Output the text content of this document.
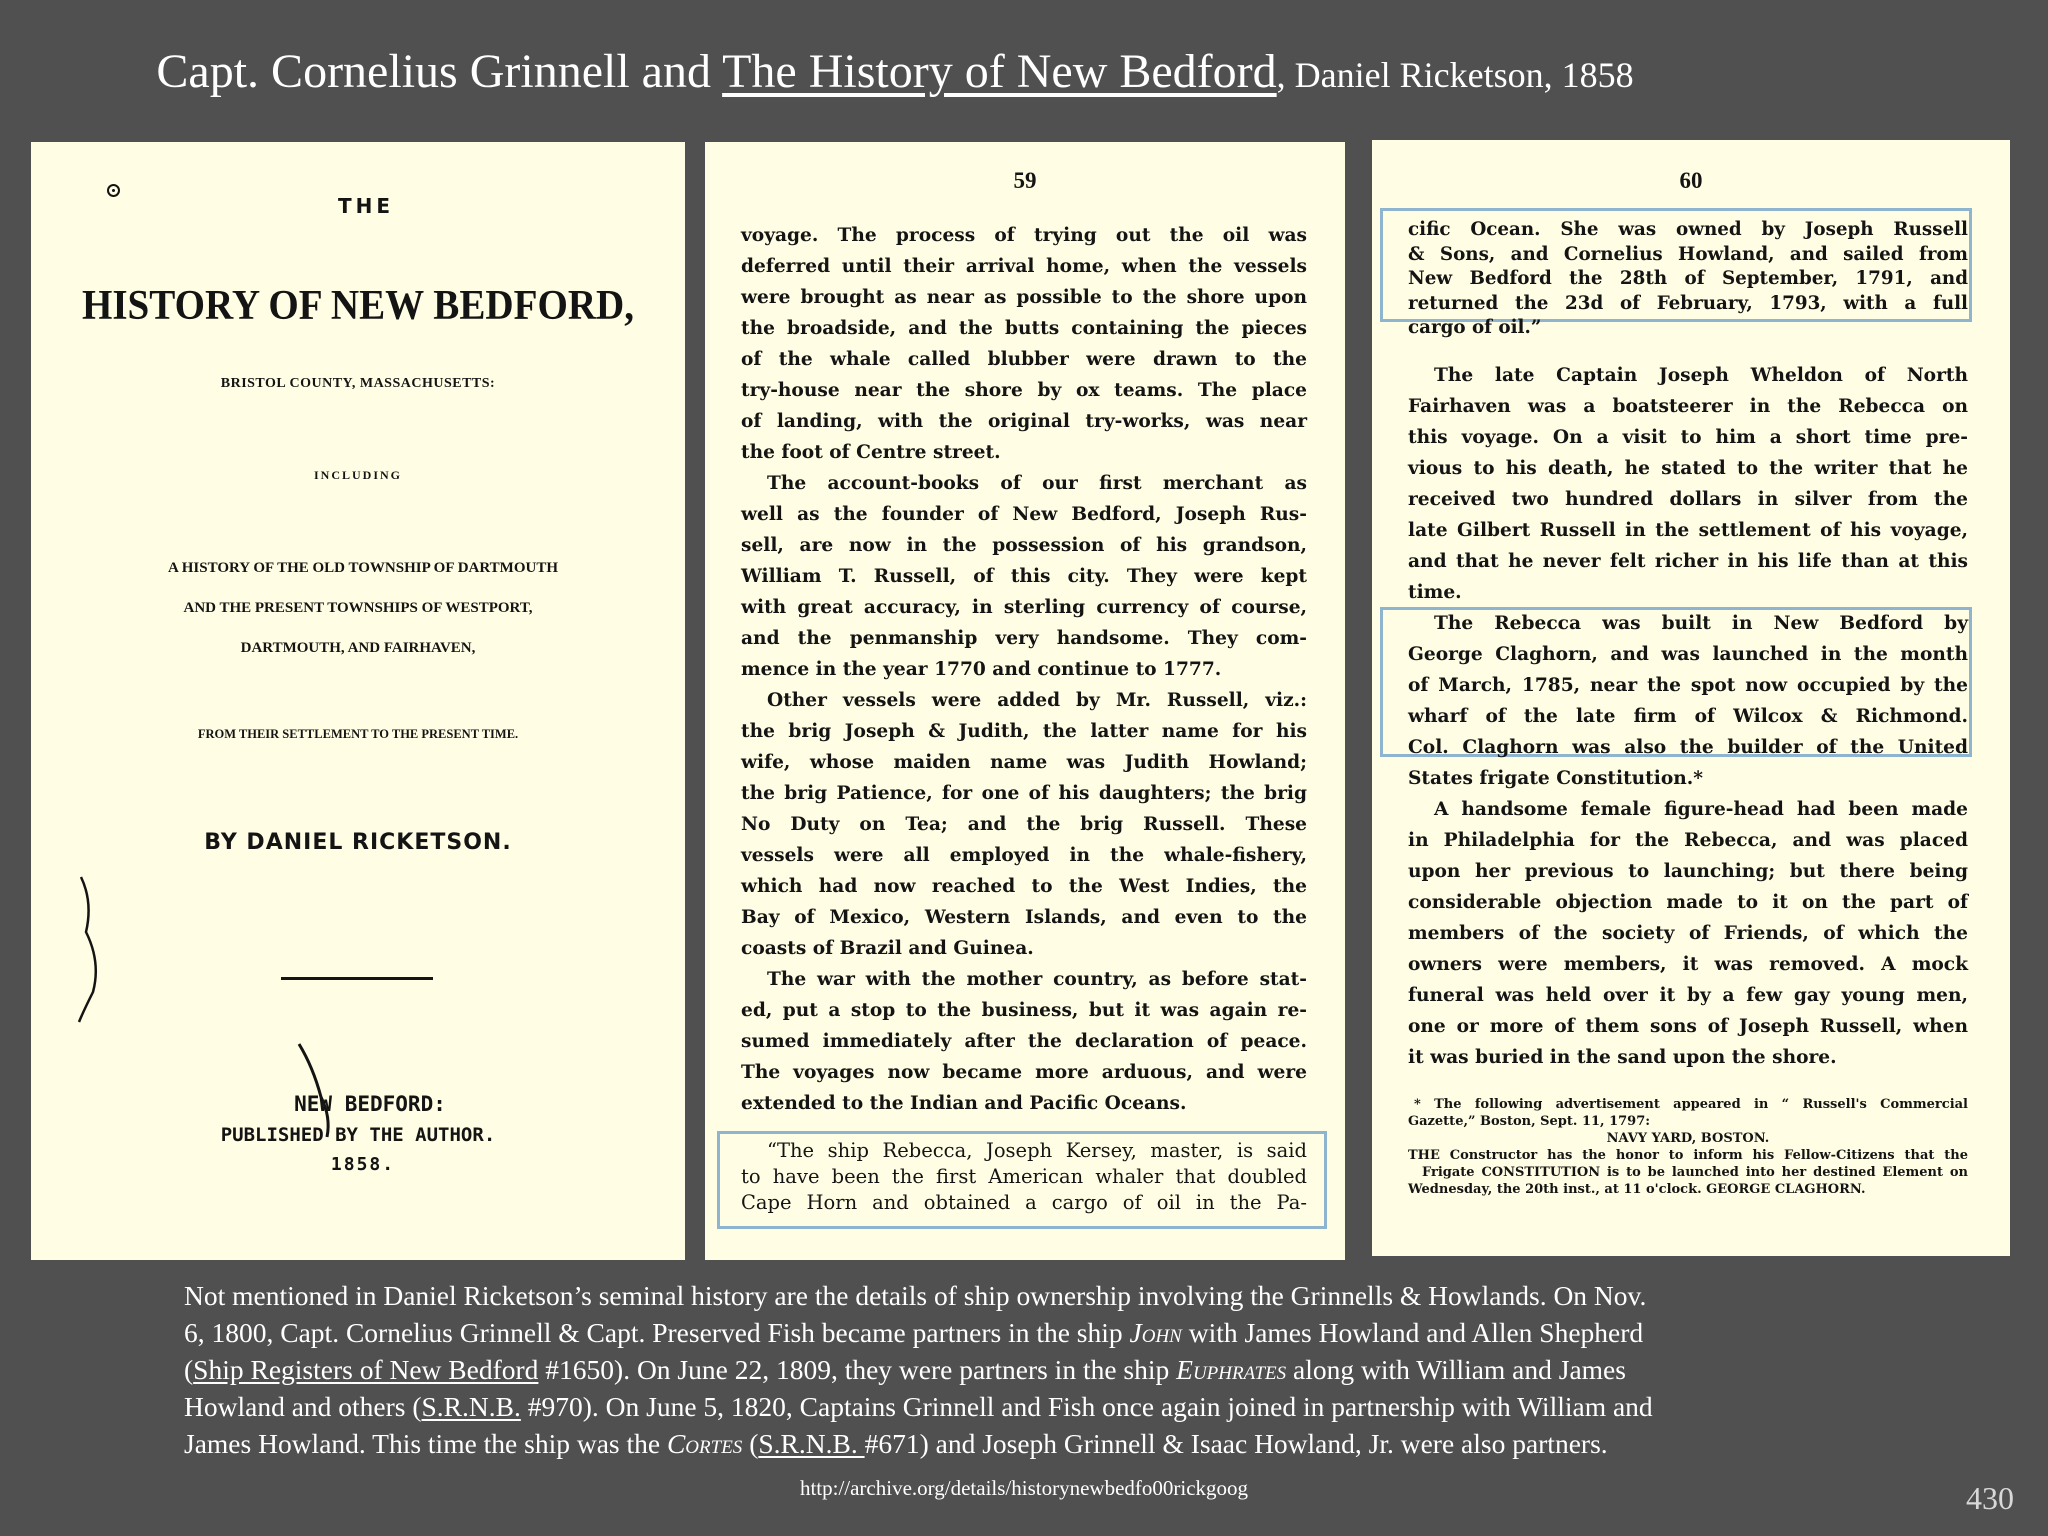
Capt. Cornelius Grinnell and The History of New Bedford, Daniel Ricketson, 1858
THE
HISTORY OF NEW BEDFORD,
BRISTOL COUNTY, MASSACHUSETTS:
INCLUDING
A HISTORY OF THE OLD TOWNSHIP OF DARTMOUTH
AND THE PRESENT TOWNSHIPS OF WESTPORT,
DARTMOUTH, AND FAIRHAVEN,
FROM THEIR SETTLEMENT TO THE PRESENT TIME.
BY DANIEL RICKETSON.
NEW BEDFORD:
PUBLISHED BY THE AUTHOR.
1858.
59
voyage. The process of trying out the oil was
deferred until their arrival home, when the vessels
were brought as near as possible to the shore upon
the broadside, and the butts containing the pieces
of the whale called blubber were drawn to the
try-house near the shore by ox teams. The place
of landing, with the original try-works, was near
the foot of Centre street.
The account-books of our first merchant as
well as the founder of New Bedford, Joseph Rus-
sell, are now in the possession of his grandson,
William T. Russell, of this city. They were kept
with great accuracy, in sterling currency of course,
and the penmanship very handsome. They com-
mence in the year 1770 and continue to 1777.
Other vessels were added by Mr. Russell, viz.:
the brig Joseph & Judith, the latter name for his
wife, whose maiden name was Judith Howland;
the brig Patience, for one of his daughters; the brig
No Duty on Tea; and the brig Russell. These
vessels were all employed in the whale-fishery,
which had now reached to the West Indies, the
Bay of Mexico, Western Islands, and even to the
coasts of Brazil and Guinea.
The war with the mother country, as before stat-
ed, put a stop to the business, but it was again re-
sumed immediately after the declaration of peace.
The voyages now became more arduous, and were
extended to the Indian and Pacific Oceans.
“The ship Rebecca, Joseph Kersey, master, is said
to have been the first American whaler that doubled
Cape Horn and obtained a cargo of oil in the Pa-
60
cific Ocean. She was owned by Joseph Russell
& Sons, and Cornelius Howland, and sailed from
New Bedford the 28th of September, 1791, and
returned the 23d of February, 1793, with a full
cargo of oil.”
The late Captain Joseph Wheldon of North
Fairhaven was a boatsteerer in the Rebecca on
this voyage. On a visit to him a short time pre-
vious to his death, he stated to the writer that he
received two hundred dollars in silver from the
late Gilbert Russell in the settlement of his voyage,
and that he never felt richer in his life than at this
time.
The Rebecca was built in New Bedford by
George Claghorn, and was launched in the month
of March, 1785, near the spot now occupied by the
wharf of the late firm of Wilcox & Richmond.
Col. Claghorn was also the builder of the United
States frigate Constitution.*
A handsome female figure-head had been made
in Philadelphia for the Rebecca, and was placed
upon her previous to launching; but there being
considerable objection made to it on the part of
members of the society of Friends, of which the
owners were members, it was removed. A mock
funeral was held over it by a few gay young men,
one or more of them sons of Joseph Russell, when
it was buried in the sand upon the shore.
* The following advertisement appeared in “ Russell's Commercial
Gazette,” Boston, Sept. 11, 1797:
NAVY YARD, BOSTON.
THE Constructor has the honor to inform his Fellow-Citizens that the
Frigate CONSTITUTION is to be launched into her destined Element on
Wednesday, the 20th inst., at 11 o'clock. GEORGE CLAGHORN.
Not mentioned in Daniel Ricketson’s seminal history are the details of ship ownership involving the Grinnells & Howlands. On Nov.
6, 1800, Capt. Cornelius Grinnell & Capt. Preserved Fish became partners in the ship John with James Howland and Allen Shepherd
(Ship Registers of New Bedford #1650). On June 22, 1809, they were partners in the ship Euphrates along with William and James
Howland and others (S.R.N.B. #970). On June 5, 1820, Captains Grinnell and Fish once again joined in partnership with William and
James Howland. This time the ship was the Cortes (S.R.N.B. #671) and Joseph Grinnell & Isaac Howland, Jr. were also partners.
http://archive.org/details/historynewbedfo00rickgoog	430
